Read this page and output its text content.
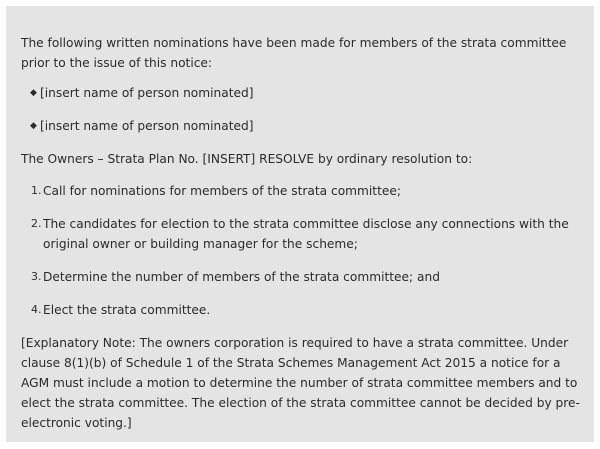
The following written nominations have been made for members of the strata committee prior to the issue of this notice:

◆ [insert name of person nominated]
◆ [insert name of person nominated]

The Owners – Strata Plan No. [INSERT] RESOLVE by ordinary resolution to:

1. Call for nominations for members of the strata committee;
2. The candidates for election to the strata committee disclose any connections with the original owner or building manager for the scheme;
3. Determine the number of members of the strata committee; and
4. Elect the strata committee.

[Explanatory Note: The owners corporation is required to have a strata committee. Under clause 8(1)(b) of Schedule 1 of the Strata Schemes Management Act 2015 a notice for a AGM must include a motion to determine the number of strata committee members and to elect the strata committee. The election of the strata committee cannot be decided by pre-electronic voting.]
